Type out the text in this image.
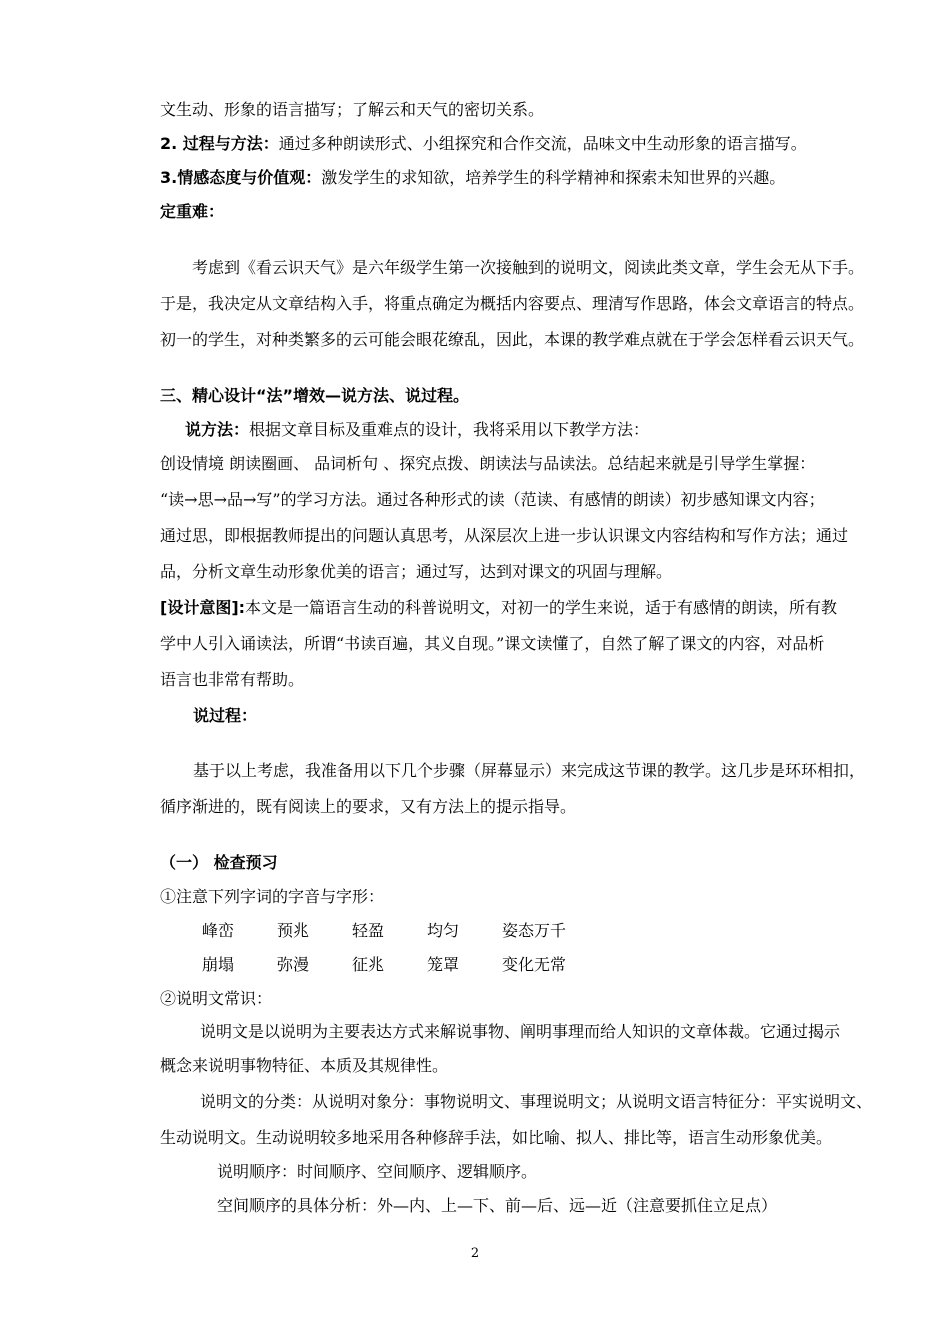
文生动、形象的语言描写；了解云和天气的密切关系。
2. 过程与方法：通过多种朗读形式、小组探究和合作交流，品味文中生动形象的语言描写。
3.情感态度与价值观：激发学生的求知欲，培养学生的科学精神和探索未知世界的兴趣。
定重难：
考虑到《看云识天气》是六年级学生第一次接触到的说明文，阅读此类文章，学生会无从下手。
于是，我决定从文章结构入手，将重点确定为概括内容要点、理清写作思路，体会文章语言的特点。
初一的学生，对种类繁多的云可能会眼花缭乱，因此，本课的教学难点就在于学会怎样看云识天气。
三、精心设计“法”增效—说方法、说过程。
说方法：根据文章目标及重难点的设计，我将采用以下教学方法：
创设情境 朗读圈画、 品词析句 、探究点拨、朗读法与品读法。总结起来就是引导学生掌握：
“读→思→品→写”的学习方法。通过各种形式的读（范读、有感情的朗读）初步感知课文内容；
通过思，即根据教师提出的问题认真思考，从深层次上进一步认识课文内容结构和写作方法；通过
品，分析文章生动形象优美的语言；通过写，达到对课文的巩固与理解。
[设计意图]:本文是一篇语言生动的科普说明文，对初一的学生来说，适于有感情的朗读，所有教
学中人引入诵读法，所谓“书读百遍，其义自现。”课文读懂了，自然了解了课文的内容，对品析
语言也非常有帮助。
说过程：
基于以上考虑，我准备用以下几个步骤（屏幕显示）来完成这节课的教学。这几步是环环相扣，
循序渐进的，既有阅读上的要求，又有方法上的提示指导。
（一） 检查预习
①注意下列字词的字音与字形：
峰峦	预兆	轻盈	均匀	姿态万千
崩塌	弥漫	征兆	笼罩	变化无常
②说明文常识：
说明文是以说明为主要表达方式来解说事物、阐明事理而给人知识的文章体裁。它通过揭示
概念来说明事物特征、本质及其规律性。
说明文的分类：从说明对象分：事物说明文、事理说明文；从说明文语言特征分：平实说明文、
生动说明文。生动说明较多地采用各种修辞手法，如比喻、拟人、排比等，语言生动形象优美。
说明顺序：时间顺序、空间顺序、逻辑顺序。
空间顺序的具体分析：外—内、上—下、前—后、远—近（注意要抓住立足点）
2
